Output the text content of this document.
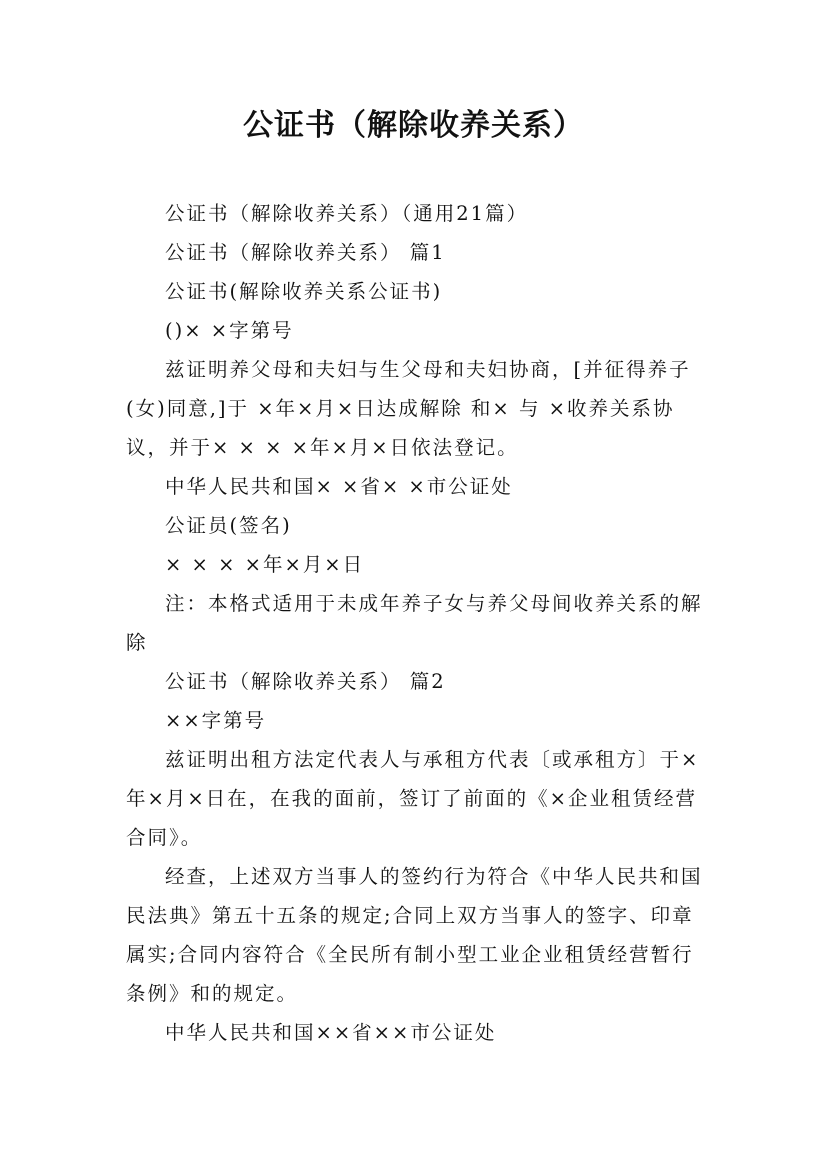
公证书（解除收养关系）

公证书（解除收养关系）（通用21篇）

公证书（解除收养关系） 篇1

公证书(解除收养关系公证书)

()× ×字第号

兹证明养父母和夫妇与生父母和夫妇协商，[并征得养子(女)同意,]于 ×年×月×日达成解除 和× 与 ×收养关系协议，并于× × × ×年×月×日依法登记。

中华人民共和国× ×省× ×市公证处

公证员(签名)

× × × ×年×月×日

注：本格式适用于未成年养子女与养父母间收养关系的解除

公证书（解除收养关系） 篇2

××字第号

兹证明出租方法定代表人与承租方代表〔或承租方〕于×年×月×日在，在我的面前，签订了前面的《×企业租赁经营合同》。

经查，上述双方当事人的签约行为符合《中华人民共和国民法典》第五十五条的规定;合同上双方当事人的签字、印章属实;合同内容符合《全民所有制小型工业企业租赁经营暂行条例》和的规定。

中华人民共和国××省××市公证处
